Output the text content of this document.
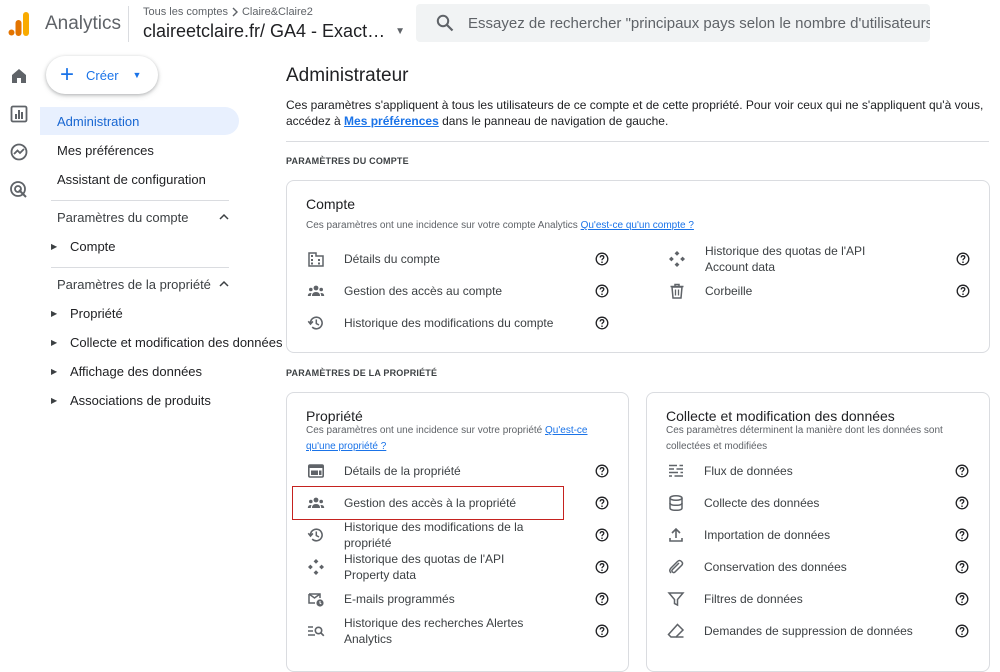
Analytics
Tous les comptes Claire&Claire2
claireetclaire.fr/ GA4 - Exact… ▼
Essayez de rechercher "principaux pays selon le nombre d'utilisateurs"
+ Créer ▼
Administration
Mes préférences
Assistant de configuration
Paramètres du compte
▶ Compte
Paramètres de la propriété
▶ Propriété
▶ Collecte et modification des données
▶ Affichage des données
▶ Associations de produits
Administrateur
Ces paramètres s'appliquent à tous les utilisateurs de ce compte et de cette propriété. Pour voir ceux qui ne s'appliquent qu'à vous, accédez à Mes préférences dans le panneau de navigation de gauche.
PARAMÈTRES DU COMPTE
Compte
Ces paramètres ont une incidence sur votre compte Analytics Qu'est-ce qu'un compte ?
Détails du compte
Gestion des accès au compte
Historique des modifications du compte
Historique des quotas de l'API Account data
Corbeille
PARAMÈTRES DE LA PROPRIÉTÉ
Propriété
Ces paramètres ont une incidence sur votre propriété Qu'est-ce
qu'une propriété ?
Détails de la propriété
Gestion des accès à la propriété
Historique des modifications de la propriété
Historique des quotas de l'API Property data
E-mails programmés
Historique des recherches Alertes Analytics
Collecte et modification des données
Ces paramètres déterminent la manière dont les données sont collectées et modifiées
Flux de données
Collecte des données
Importation de données
Conservation des données
Filtres de données
Demandes de suppression de données
